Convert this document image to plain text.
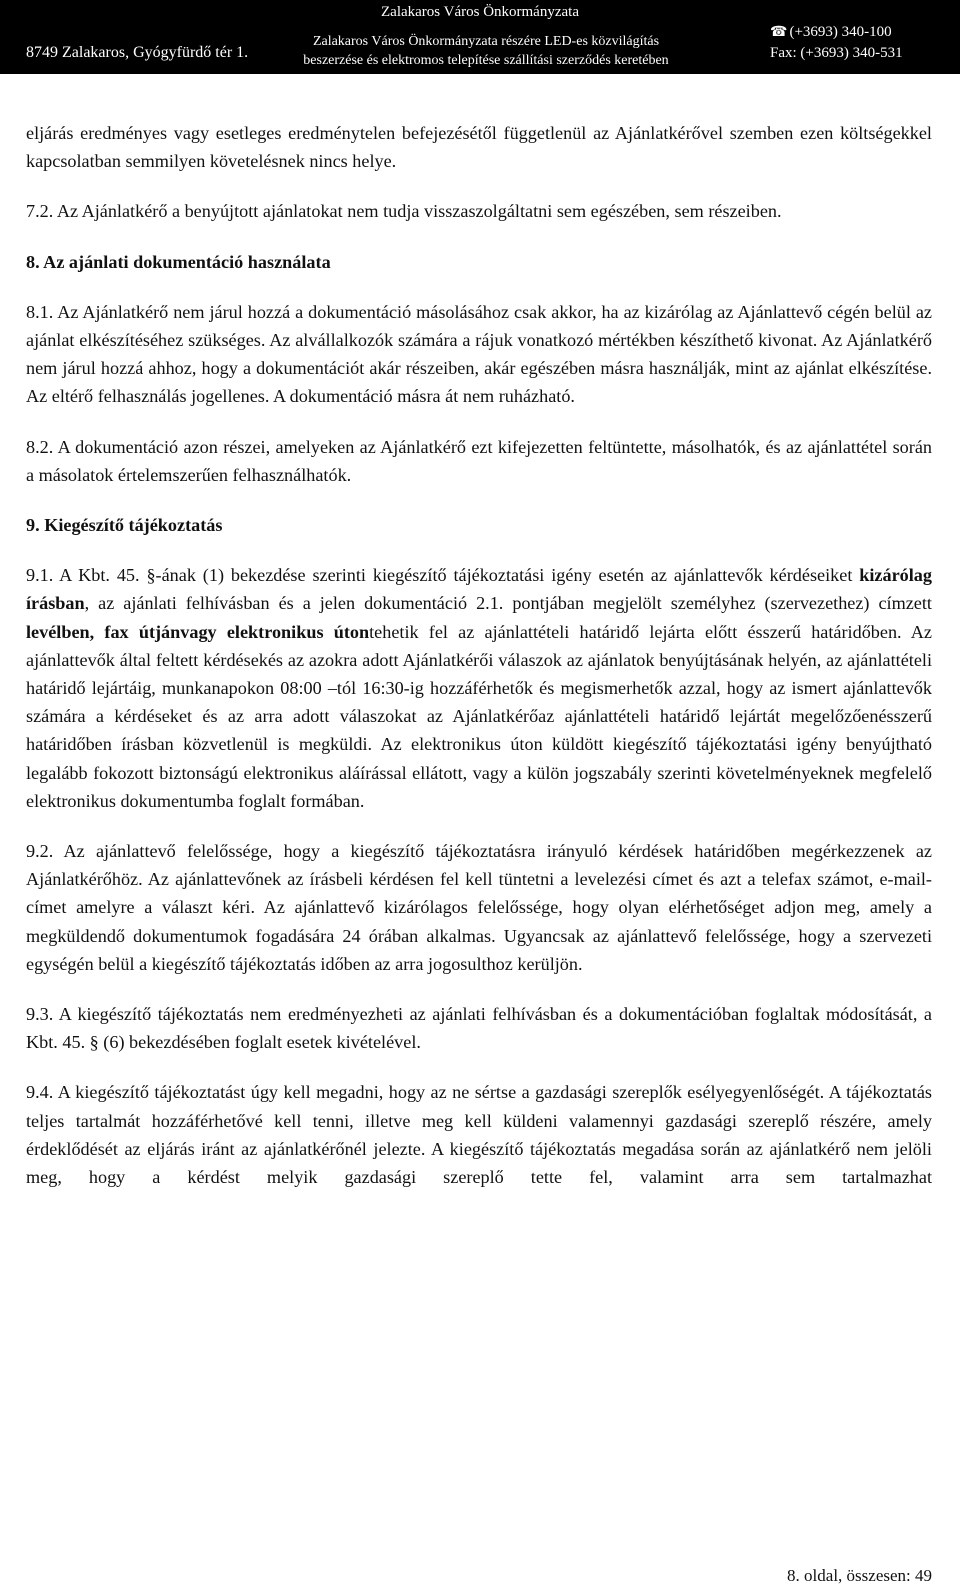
Zalakaros Város Önkormányzata
8749 Zalakaros, Gyógyfürdő tér 1.
Zalakaros Város Önkormányzata részére LED-es közvilágítás
beszerzése és elektromos telepítése szállítási szerződés keretében
☎ (+3693) 340-100
Fax: (+3693) 340-531

eljárás eredményes vagy esetleges eredménytelen befejezésétől függetlenül az Ajánlatkérővel szemben ezen költségekkel kapcsolatban semmilyen követelésnek nincs helye.

7.2. Az Ajánlatkérő a benyújtott ajánlatokat nem tudja visszaszolgáltatni sem egészében, sem részeiben.

8. Az ajánlati dokumentáció használata

8.1. Az Ajánlatkérő nem járul hozzá a dokumentáció másolásához csak akkor, ha az kizárólag az Ajánlattevő cégén belül az ajánlat elkészítéséhez szükséges. Az alvállalkozók számára a rájuk vonatkozó mértékben készíthető kivonat. Az Ajánlatkérő nem járul hozzá ahhoz, hogy a dokumentációt akár részeiben, akár egészében másra használják, mint az ajánlat elkészítése. Az eltérő felhasználás jogellenes. A dokumentáció másra át nem ruházható.

8.2. A dokumentáció azon részei, amelyeken az Ajánlatkérő ezt kifejezetten feltüntette, másolhatók, és az ajánlattétel során a másolatok értelemszerűen felhasználhatók.

9. Kiegészítő tájékoztatás

9.1. A Kbt. 45. §-ának (1) bekezdése szerinti kiegészítő tájékoztatási igény esetén az ajánlattevők kérdéseiket kizárólag írásban, az ajánlati felhívásban és a jelen dokumentáció 2.1. pontjában megjelölt személyhez (szervezethez) címzett levélben, fax útjánvagy elektronikus útontehetik fel az ajánlattételi határidő lejárta előtt ésszerű határidőben. Az ajánlattevők által feltett kérdésekés az azokra adott Ajánlatkérői válaszok az ajánlatok benyújtásának helyén, az ajánlattételi határidő lejártáig, munkanapokon 08:00 –tól 16:30-ig hozzáférhetők és megismerhetők azzal, hogy az ismert ajánlattevők számára a kérdéseket és az arra adott válaszokat az Ajánlatkérőaz ajánlattételi határidő lejártát megelőzőenésszerű határidőben írásban közvetlenül is megküldi. Az elektronikus úton küldött kiegészítő tájékoztatási igény benyújtható legalább fokozott biztonságú elektronikus aláírással ellátott, vagy a külön jogszabály szerinti követelményeknek megfelelő elektronikus dokumentumba foglalt formában.

9.2. Az ajánlattevő felelőssége, hogy a kiegészítő tájékoztatásra irányuló kérdések határidőben megérkezzenek az Ajánlatkérőhöz. Az ajánlattevőnek az írásbeli kérdésen fel kell tüntetni a levelezési címet és azt a telefax számot, e-mail-címet amelyre a választ kéri. Az ajánlattevő kizárólagos felelőssége, hogy olyan elérhetőséget adjon meg, amely a megküldendő dokumentumok fogadására 24 órában alkalmas. Ugyancsak az ajánlattevő felelőssége, hogy a szervezeti egységén belül a kiegészítő tájékoztatás időben az arra jogosulthoz kerüljön.

9.3. A kiegészítő tájékoztatás nem eredményezheti az ajánlati felhívásban és a dokumentációban foglaltak módosítását, a Kbt. 45. § (6) bekezdésében foglalt esetek kivételével.

9.4. A kiegészítő tájékoztatást úgy kell megadni, hogy az ne sértse a gazdasági szereplők esélyegyenlőségét. A tájékoztatás teljes tartalmát hozzáférhetővé kell tenni, illetve meg kell küldeni valamennyi gazdasági szereplő részére, amely érdeklődését az eljárás iránt az ajánlatkérőnél jelezte. A kiegészítő tájékoztatás megadása során az ajánlatkérő nem jelöli meg, hogy a kérdést melyik gazdasági szereplő tette fel, valamint arra sem tartalmazhat

8. oldal, összesen: 49
